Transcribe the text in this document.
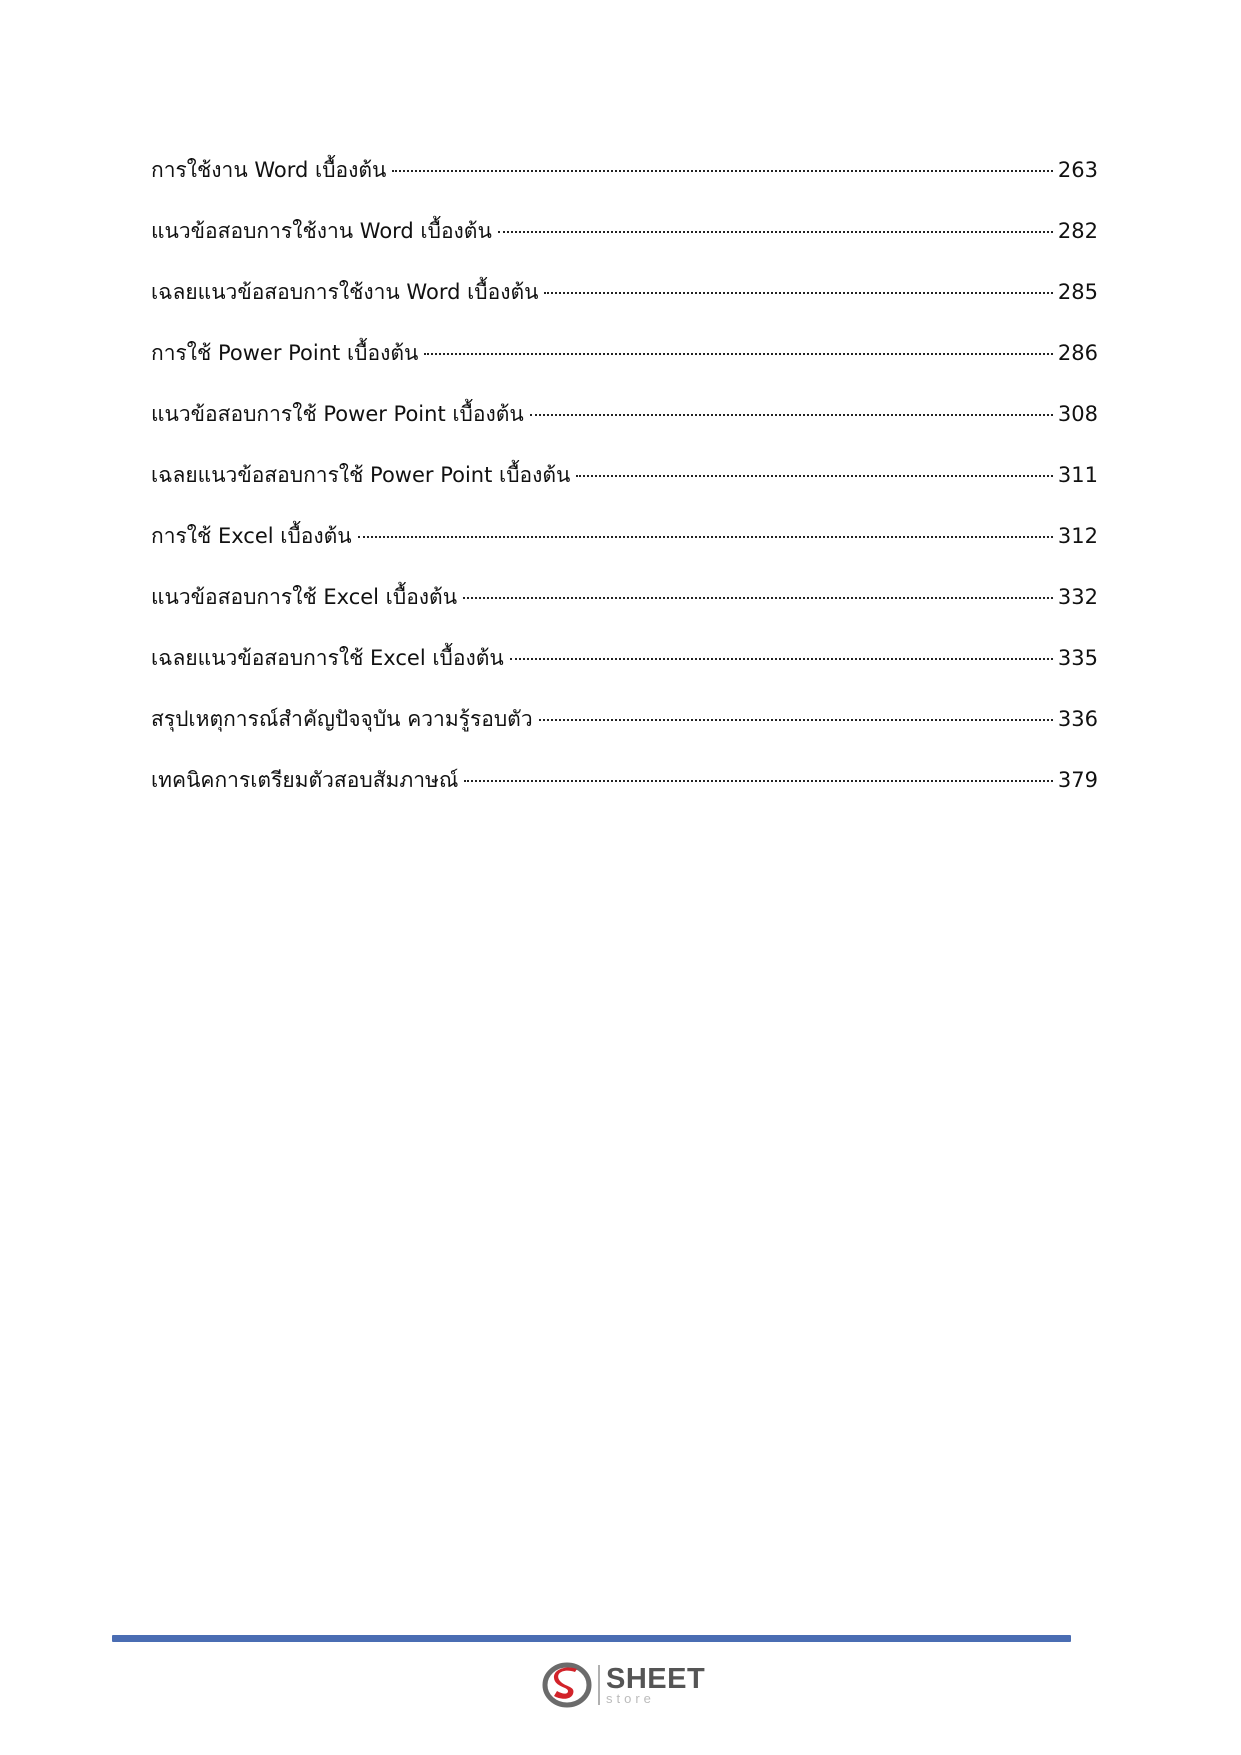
การใช้งาน Word เบื้องต้น	263
แนวข้อสอบการใช้งาน Word เบื้องต้น	282
เฉลยแนวข้อสอบการใช้งาน Word เบื้องต้น	285
การใช้ Power Point เบื้องต้น	286
แนวข้อสอบการใช้ Power Point เบื้องต้น	308
เฉลยแนวข้อสอบการใช้ Power Point เบื้องต้น	311
การใช้ Excel เบื้องต้น	312
แนวข้อสอบการใช้ Excel เบื้องต้น	332
เฉลยแนวข้อสอบการใช้ Excel เบื้องต้น	335
สรุปเหตุการณ์สำคัญปัจจุบัน ความรู้รอบตัว	336
เทคนิคการเตรียมตัวสอบสัมภาษณ์	379
SHEET
store
